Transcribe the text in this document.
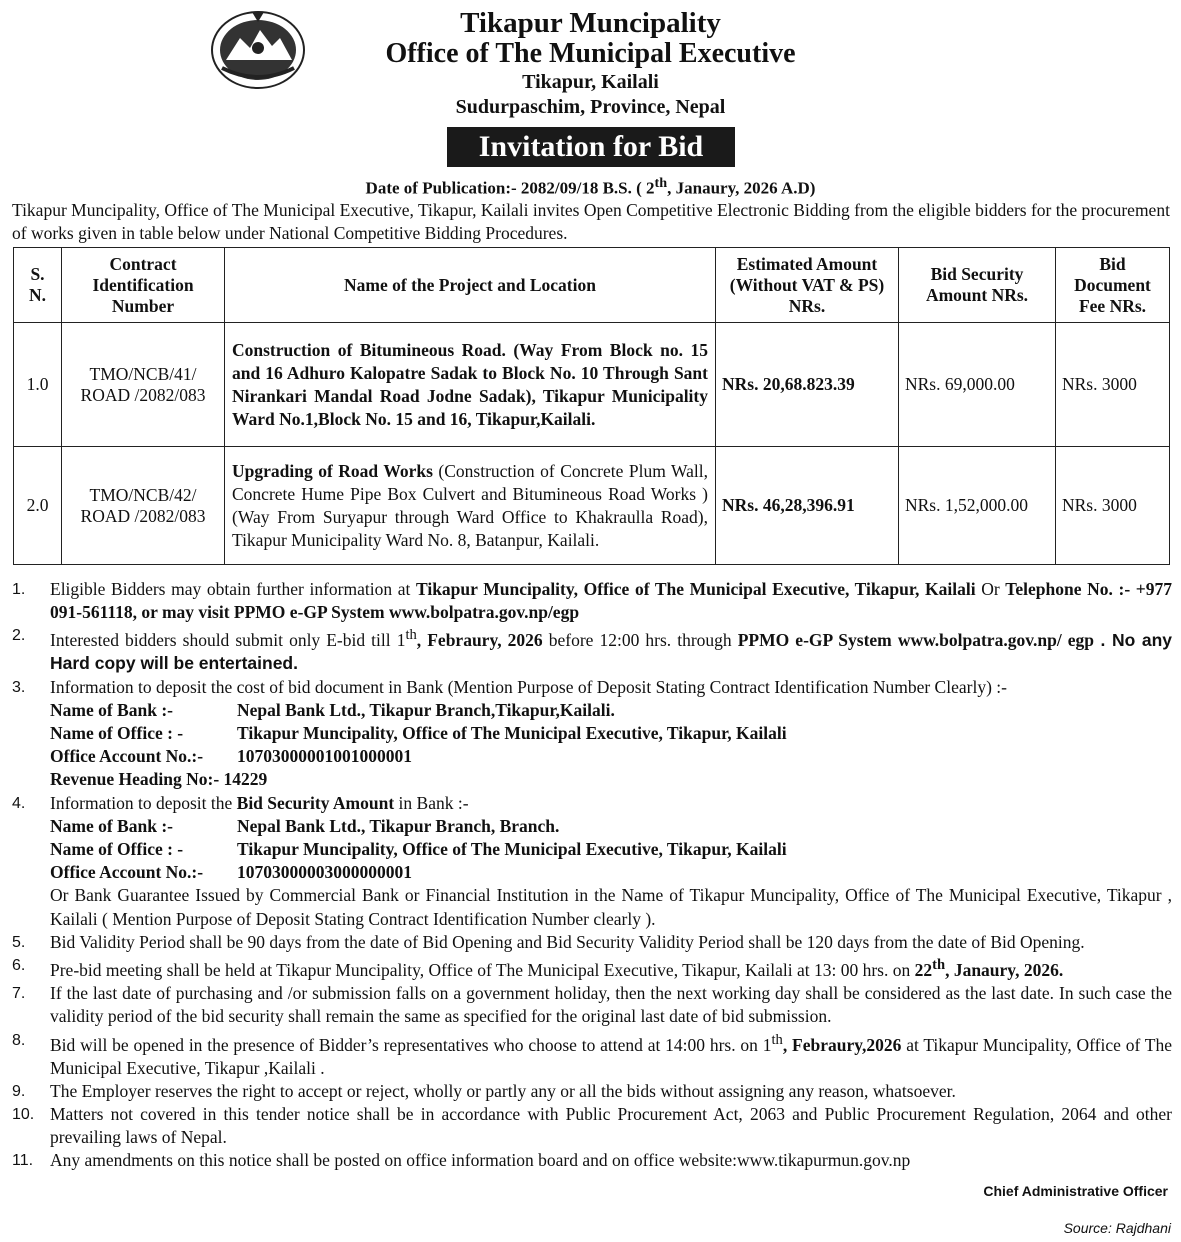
Tikapur Muncipality
Office of The Municipal Executive
Tikapur, Kailali
Sudurpaschim, Province, Nepal
Invitation for Bid
Date of Publication:- 2082/09/18 B.S. ( 2th, Janaury, 2026 A.D)
Tikapur Muncipality, Office of The Municipal Executive, Tikapur, Kailali invites Open Competitive Electronic Bidding from the eligible bidders for the procurement of works given in table below under National Competitive Bidding Procedures.
S. N.	Contract Identification Number	Name of the Project and Location	Estimated Amount (Without VAT & PS) NRs.	Bid Security Amount NRs.	Bid Document Fee NRs.
1.0	TMO/NCB/41/ ROAD /2082/083	Construction of Bitumineous Road. (Way From Block no. 15 and 16 Adhuro Kalopatre Sadak to Block No. 10 Through Sant Nirankari Mandal Road Jodne Sadak), Tikapur Municipality Ward No.1,Block No. 15 and 16, Tikapur,Kailali.	NRs. 20,68.823.39	NRs. 69,000.00	NRs. 3000
2.0	TMO/NCB/42/ ROAD /2082/083	Upgrading of Road Works (Construction of Concrete Plum Wall, Concrete Hume Pipe Box Culvert and Bitumineous Road Works ) (Way From Suryapur through Ward Office to Khakraulla Road), Tikapur Municipality Ward No. 8, Batanpur, Kailali.	NRs. 46,28,396.91	NRs. 1,52,000.00	NRs. 3000
1.	Eligible Bidders may obtain further information at Tikapur Muncipality, Office of The Municipal Executive, Tikapur, Kailali Or Telephone No. :- +977 091-561118, or may visit PPMO e-GP System www.bolpatra.gov.np/egp
2.	Interested bidders should submit only E-bid till 1th, Febraury, 2026 before 12:00 hrs. through PPMO e-GP System www.bolpatra.gov.np/ egp . No any Hard copy will be entertained.
3.	Information to deposit the cost of bid document in Bank (Mention Purpose of Deposit Stating Contract Identification Number Clearly) :-
Name of Bank :-	Nepal Bank Ltd., Tikapur Branch,Tikapur,Kailali.
Name of Office : -	Tikapur Muncipality, Office of The Municipal Executive, Tikapur, Kailali
Office Account No.:-	10703000001001000001
Revenue Heading No:- 14229
4.	Information to deposit the Bid Security Amount in Bank :-
Name of Bank :-	Nepal Bank Ltd., Tikapur Branch, Branch.
Name of Office : -	Tikapur Muncipality, Office of The Municipal Executive, Tikapur, Kailali
Office Account No.:-	10703000003000000001
Or Bank Guarantee Issued by Commercial Bank or Financial Institution in the Name of Tikapur Muncipality, Office of The Municipal Executive, Tikapur , Kailali ( Mention Purpose of Deposit Stating Contract Identification Number clearly ).
5.	Bid Validity Period shall be 90 days from the date of Bid Opening and Bid Security Validity Period shall be 120 days from the date of Bid Opening.
6.	Pre-bid meeting shall be held at Tikapur Muncipality, Office of The Municipal Executive, Tikapur, Kailali at 13: 00 hrs. on 22th, Janaury, 2026.
7.	If the last date of purchasing and /or submission falls on a government holiday, then the next working day shall be considered as the last date. In such case the validity period of the bid security shall remain the same as specified for the original last date of bid submission.
8.	Bid will be opened in the presence of Bidder’s representatives who choose to attend at 14:00 hrs. on 1th, Febraury,2026 at Tikapur Muncipality, Office of The Municipal Executive, Tikapur ,Kailali .
9.	The Employer reserves the right to accept or reject, wholly or partly any or all the bids without assigning any reason, whatsoever.
10. Matters not covered in this tender notice shall be in accordance with Public Procurement Act, 2063 and Public Procurement Regulation, 2064 and other prevailing laws of Nepal.
11. Any amendments on this notice shall be posted on office information board and on office website:www.tikapurmun.gov.np
Chief Administrative Officer
Source: Rajdhani
